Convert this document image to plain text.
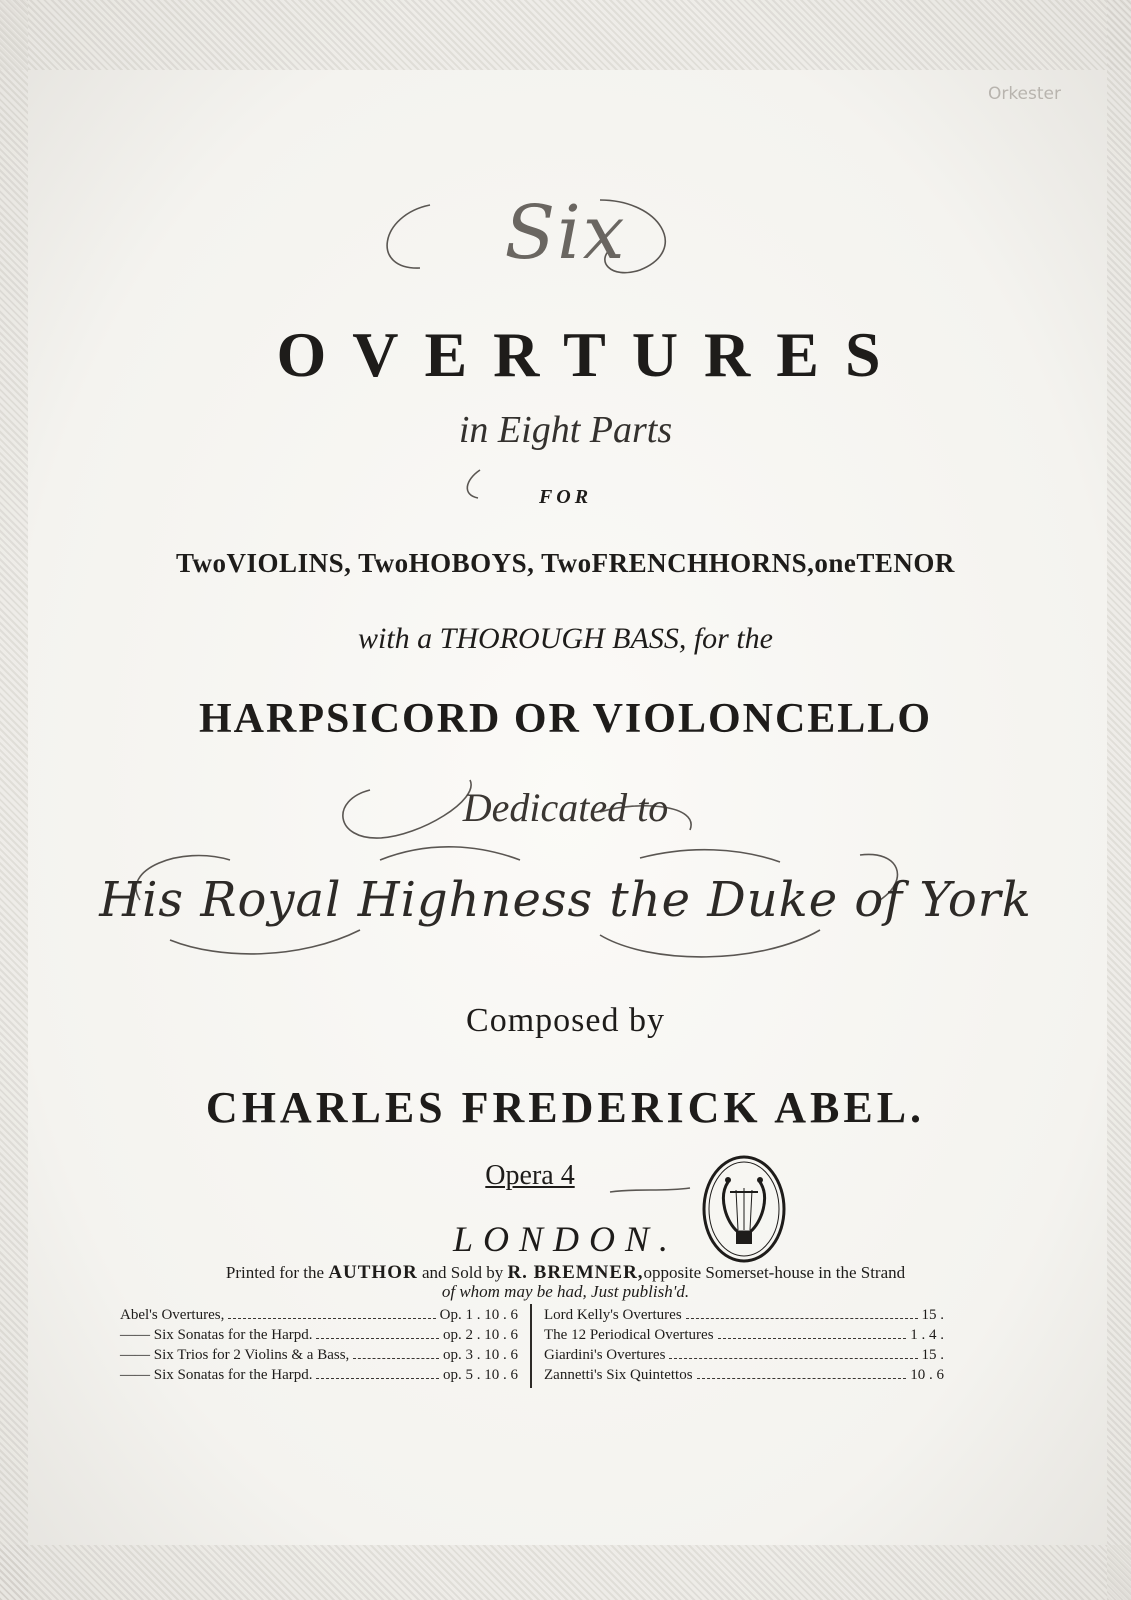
Orkester
Six
OVERTURES
in Eight Parts
FOR
TwoVIOLINS, TwoHOBOYS, TwoFRENCHHORNS,oneTENOR
with a THOROUGH BASS, for the
HARPSICORD OR VIOLONCELLO
Dedicated to
His Royal Highness the Duke of York
Composed by
CHARLES FREDERICK ABEL.
Opera 4
LONDON.
Printed for the AUTHOR and Sold by R. BREMNER,opposite Somerset-house in the Strand
of whom may be had, Just publish'd.
Abel's Overtures,	Op. 1 . 10 . 6
—— Six Sonatas for the Harpd.	op. 2 . 10 . 6
—— Six Trios for 2 Violins & a Bass,	op. 3 . 10 . 6
—— Six Sonatas for the Harpd.	op. 5 . 10 . 6
Lord Kelly's Overtures	15 .
The 12 Periodical Overtures	1 . 4 .
Giardini's Overtures	15 .
Zannetti's Six Quintettos	10 . 6
